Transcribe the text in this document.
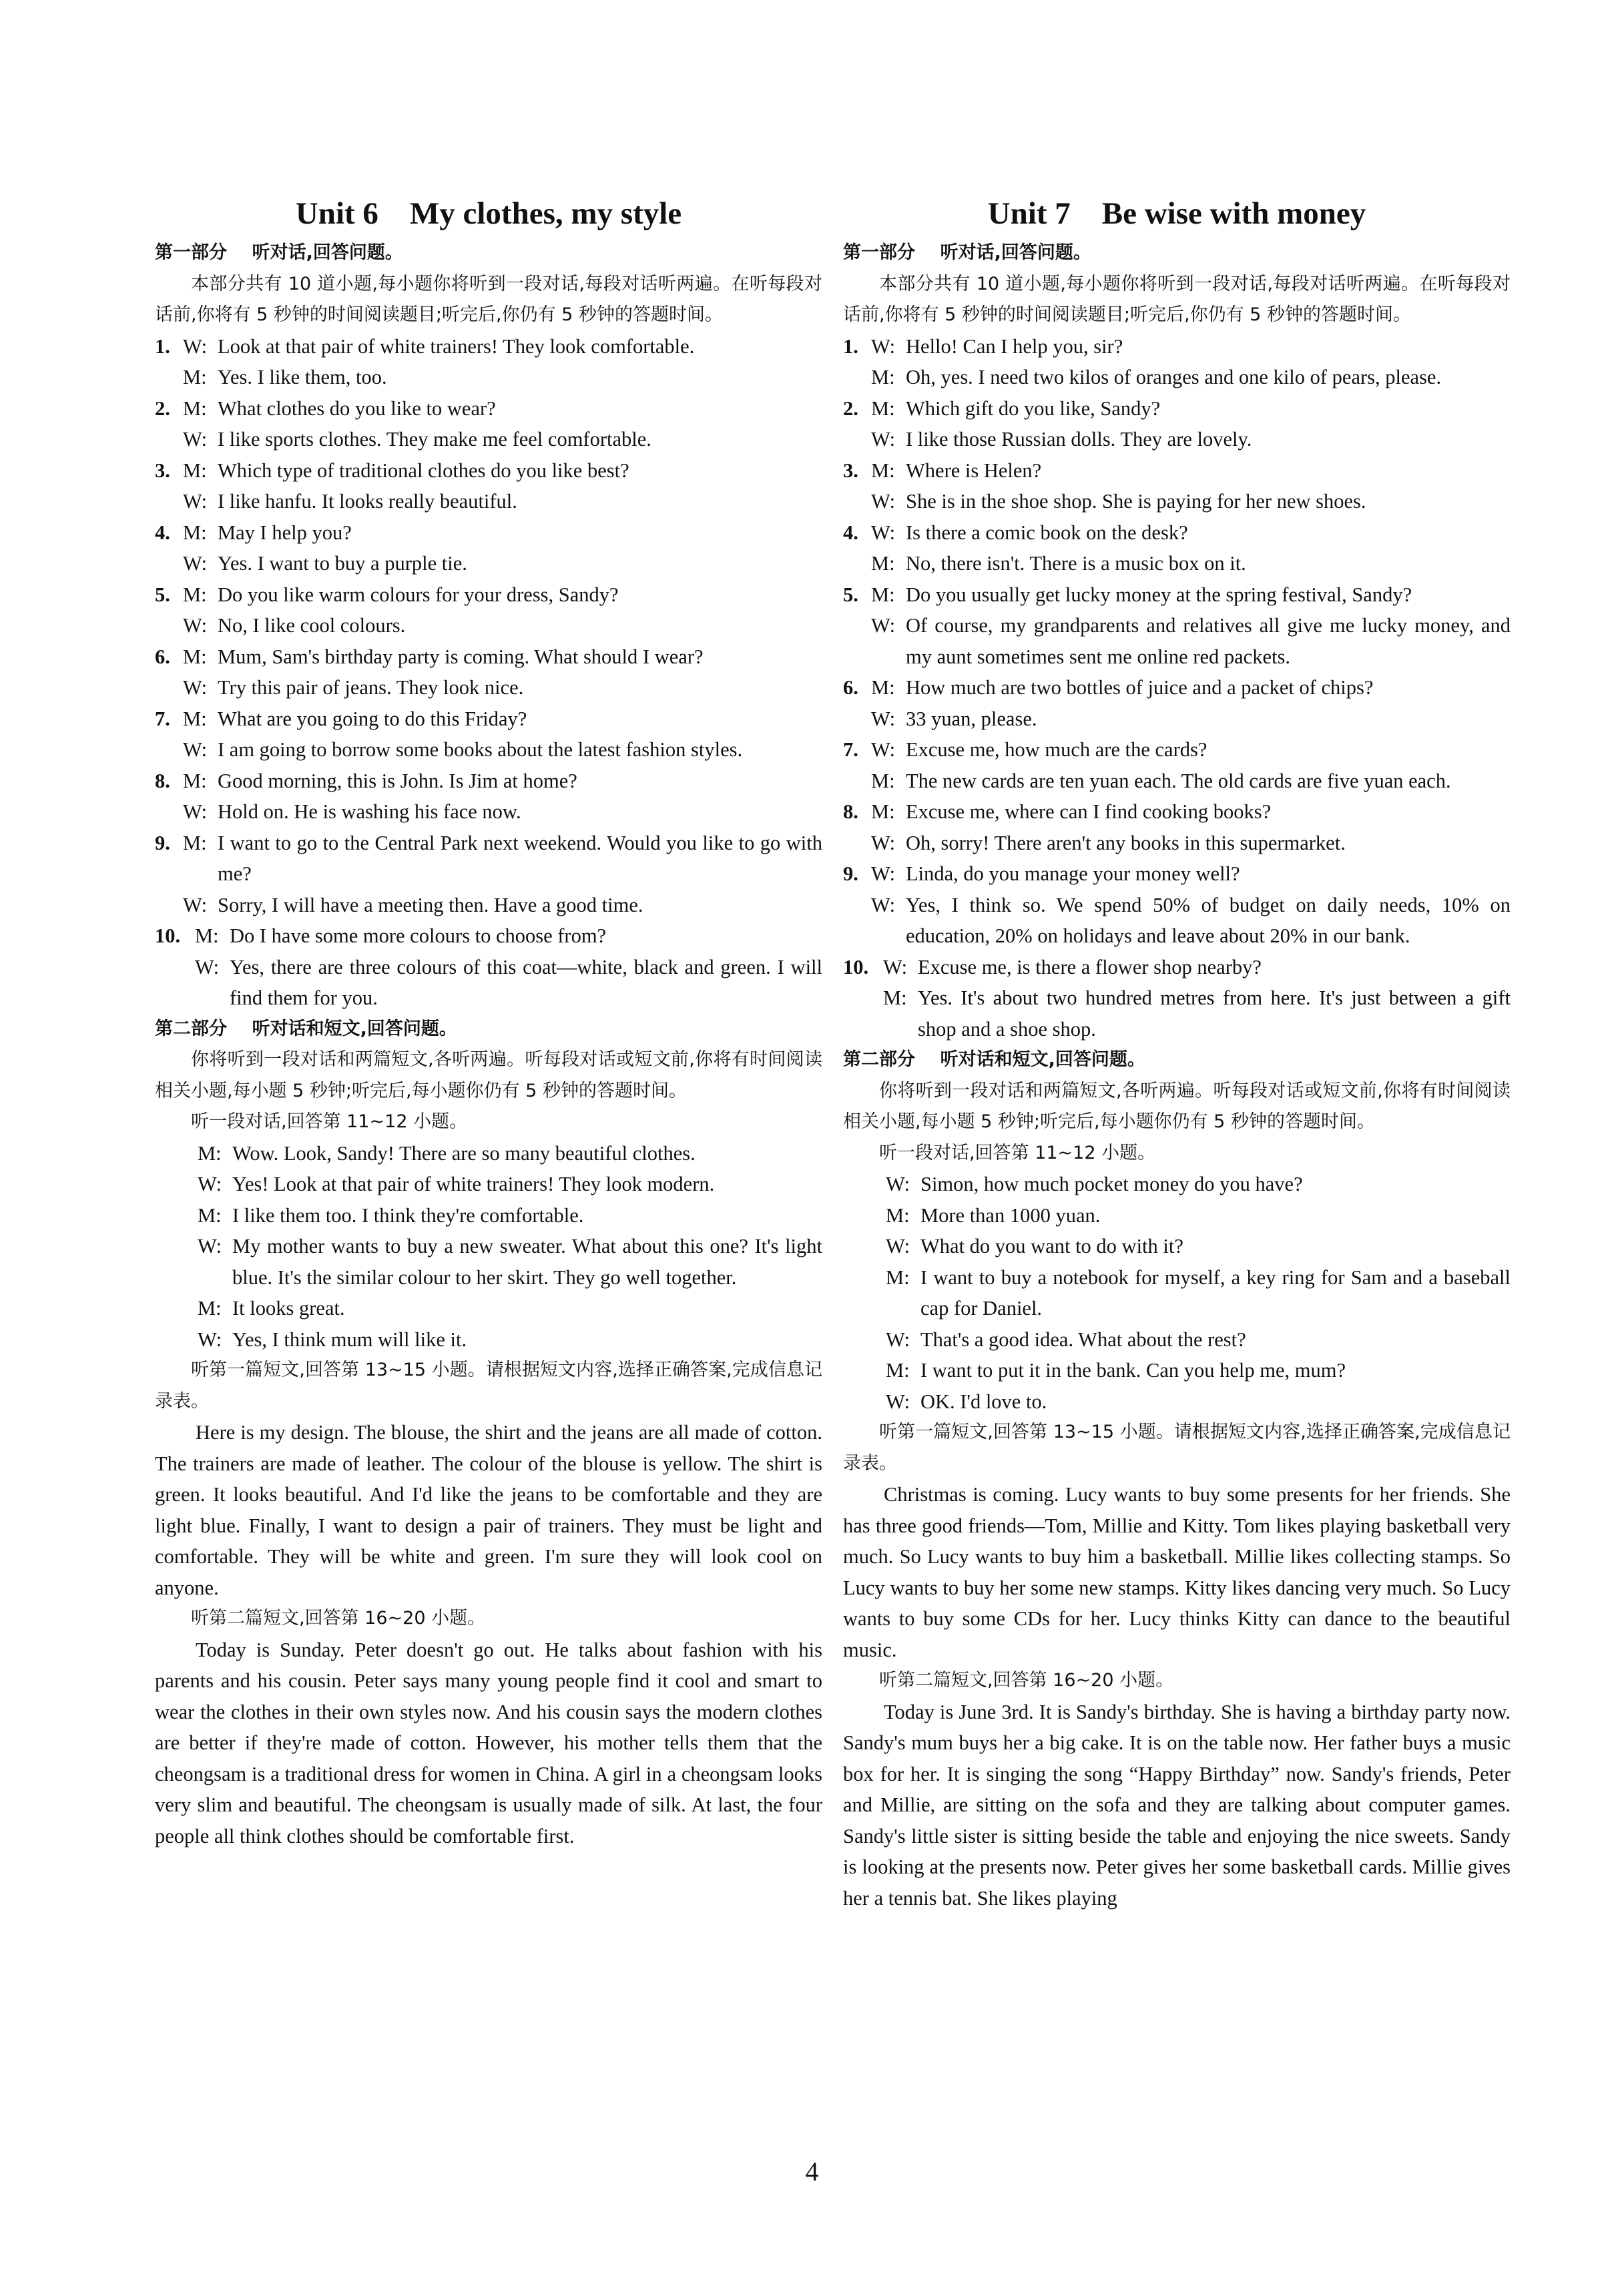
Unit 6    My clothes, my style

第一部分    听对话,回答问题。

本部分共有 10 道小题,每小题你将听到一段对话,每段对话听两遍。在听每段对话前,你将有 5 秒钟的时间阅读题目;听完后,你仍有 5 秒钟的答题时间。

1. W: Look at that pair of white trainers! They look comfortable.
M: Yes. I like them, too.
2. M: What clothes do you like to wear?
W: I like sports clothes. They make me feel comfortable.
3. M: Which type of traditional clothes do you like best?
W: I like hanfu. It looks really beautiful.
4. M: May I help you?
W: Yes. I want to buy a purple tie.
5. M: Do you like warm colours for your dress, Sandy?
W: No, I like cool colours.
6. M: Mum, Sam's birthday party is coming. What should I wear?
W: Try this pair of jeans. They look nice.
7. M: What are you going to do this Friday?
W: I am going to borrow some books about the latest fashion styles.
8. M: Good morning, this is John. Is Jim at home?
W: Hold on. He is washing his face now.
9. M: I want to go to the Central Park next weekend. Would you like to go with me?
W: Sorry, I will have a meeting then. Have a good time.
10. M: Do I have some more colours to choose from?
W: Yes, there are three colours of this coat—white, black and green. I will find them for you.

第二部分    听对话和短文,回答问题。

你将听到一段对话和两篇短文,各听两遍。听每段对话或短文前,你将有时间阅读相关小题,每小题 5 秒钟;听完后,每小题你仍有 5 秒钟的答题时间。

听一段对话,回答第 11~12 小题。

M: Wow. Look, Sandy! There are so many beautiful clothes.
W: Yes! Look at that pair of white trainers! They look modern.
M: I like them too. I think they're comfortable.
W: My mother wants to buy a new sweater. What about this one? It's light blue. It's the similar colour to her skirt. They go well together.
M: It looks great.
W: Yes, I think mum will like it.

听第一篇短文,回答第 13~15 小题。请根据短文内容,选择正确答案,完成信息记录表。

Here is my design. The blouse, the shirt and the jeans are all made of cotton. The trainers are made of leather. The colour of the blouse is yellow. The shirt is green. It looks beautiful. And I'd like the jeans to be comfortable and they are light blue. Finally, I want to design a pair of trainers. They must be light and comfortable. They will be white and green. I'm sure they will look cool on anyone.

听第二篇短文,回答第 16~20 小题。

Today is Sunday. Peter doesn't go out. He talks about fashion with his parents and his cousin. Peter says many young people find it cool and smart to wear the clothes in their own styles now. And his cousin says the modern clothes are better if they're made of cotton. However, his mother tells them that the cheongsam is a traditional dress for women in China. A girl in a cheongsam looks very slim and beautiful. The cheongsam is usually made of silk. At last, the four people all think clothes should be comfortable first.

Unit 7    Be wise with money

第一部分    听对话,回答问题。

本部分共有 10 道小题,每小题你将听到一段对话,每段对话听两遍。在听每段对话前,你将有 5 秒钟的时间阅读题目;听完后,你仍有 5 秒钟的答题时间。

1. W: Hello! Can I help you, sir?
M: Oh, yes. I need two kilos of oranges and one kilo of pears, please.
2. M: Which gift do you like, Sandy?
W: I like those Russian dolls. They are lovely.
3. M: Where is Helen?
W: She is in the shoe shop. She is paying for her new shoes.
4. W: Is there a comic book on the desk?
M: No, there isn't. There is a music box on it.
5. M: Do you usually get lucky money at the spring festival, Sandy?
W: Of course, my grandparents and relatives all give me lucky money, and my aunt sometimes sent me online red packets.
6. M: How much are two bottles of juice and a packet of chips?
W: 33 yuan, please.
7. W: Excuse me, how much are the cards?
M: The new cards are ten yuan each. The old cards are five yuan each.
8. M: Excuse me, where can I find cooking books?
W: Oh, sorry! There aren't any books in this supermarket.
9. W: Linda, do you manage your money well?
W: Yes, I think so. We spend 50% of budget on daily needs, 10% on education, 20% on holidays and leave about 20% in our bank.
10. W: Excuse me, is there a flower shop nearby?
M: Yes. It's about two hundred metres from here. It's just between a gift shop and a shoe shop.

第二部分    听对话和短文,回答问题。

你将听到一段对话和两篇短文,各听两遍。听每段对话或短文前,你将有时间阅读相关小题,每小题 5 秒钟;听完后,每小题你仍有 5 秒钟的答题时间。

听一段对话,回答第 11~12 小题。

W: Simon, how much pocket money do you have?
M: More than 1000 yuan.
W: What do you want to do with it?
M: I want to buy a notebook for myself, a key ring for Sam and a baseball cap for Daniel.
W: That's a good idea. What about the rest?
M: I want to put it in the bank. Can you help me, mum?
W: OK. I'd love to.

听第一篇短文,回答第 13~15 小题。请根据短文内容,选择正确答案,完成信息记录表。

Christmas is coming. Lucy wants to buy some presents for her friends. She has three good friends—Tom, Millie and Kitty. Tom likes playing basketball very much. So Lucy wants to buy him a basketball. Millie likes collecting stamps. So Lucy wants to buy her some new stamps. Kitty likes dancing very much. So Lucy wants to buy some CDs for her. Lucy thinks Kitty can dance to the beautiful music.

听第二篇短文,回答第 16~20 小题。

Today is June 3rd. It is Sandy's birthday. She is having a birthday party now. Sandy's mum buys her a big cake. It is on the table now. Her father buys a music box for her. It is singing the song “Happy Birthday” now. Sandy's friends, Peter and Millie, are sitting on the sofa and they are talking about computer games. Sandy's little sister is sitting beside the table and enjoying the nice sweets. Sandy is looking at the presents now. Peter gives her some basketball cards. Millie gives her a tennis bat. She likes playing

4
